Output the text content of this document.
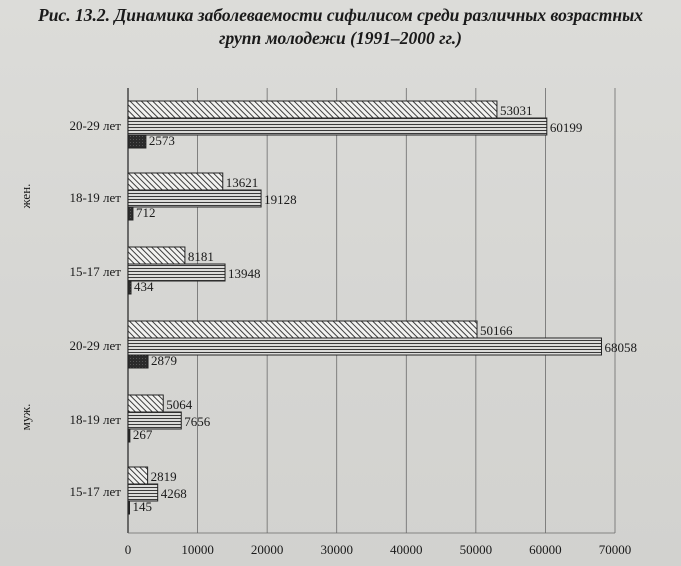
Рис. 13.2. Динамика заболеваемости сифилисом среди различных возрастных
групп молодежи (1991–2000 гг.)
0	10000	20000	30000	40000	50000	60000	70000
жен.
20-29 лет
53031
60199
2573
18-19 лет
13621
19128
712
15-17 лет
8181
13948
434
муж.
20-29 лет
50166
68058
2879
18-19 лет
5064
7656
267
15-17 лет
2819
4268
145
